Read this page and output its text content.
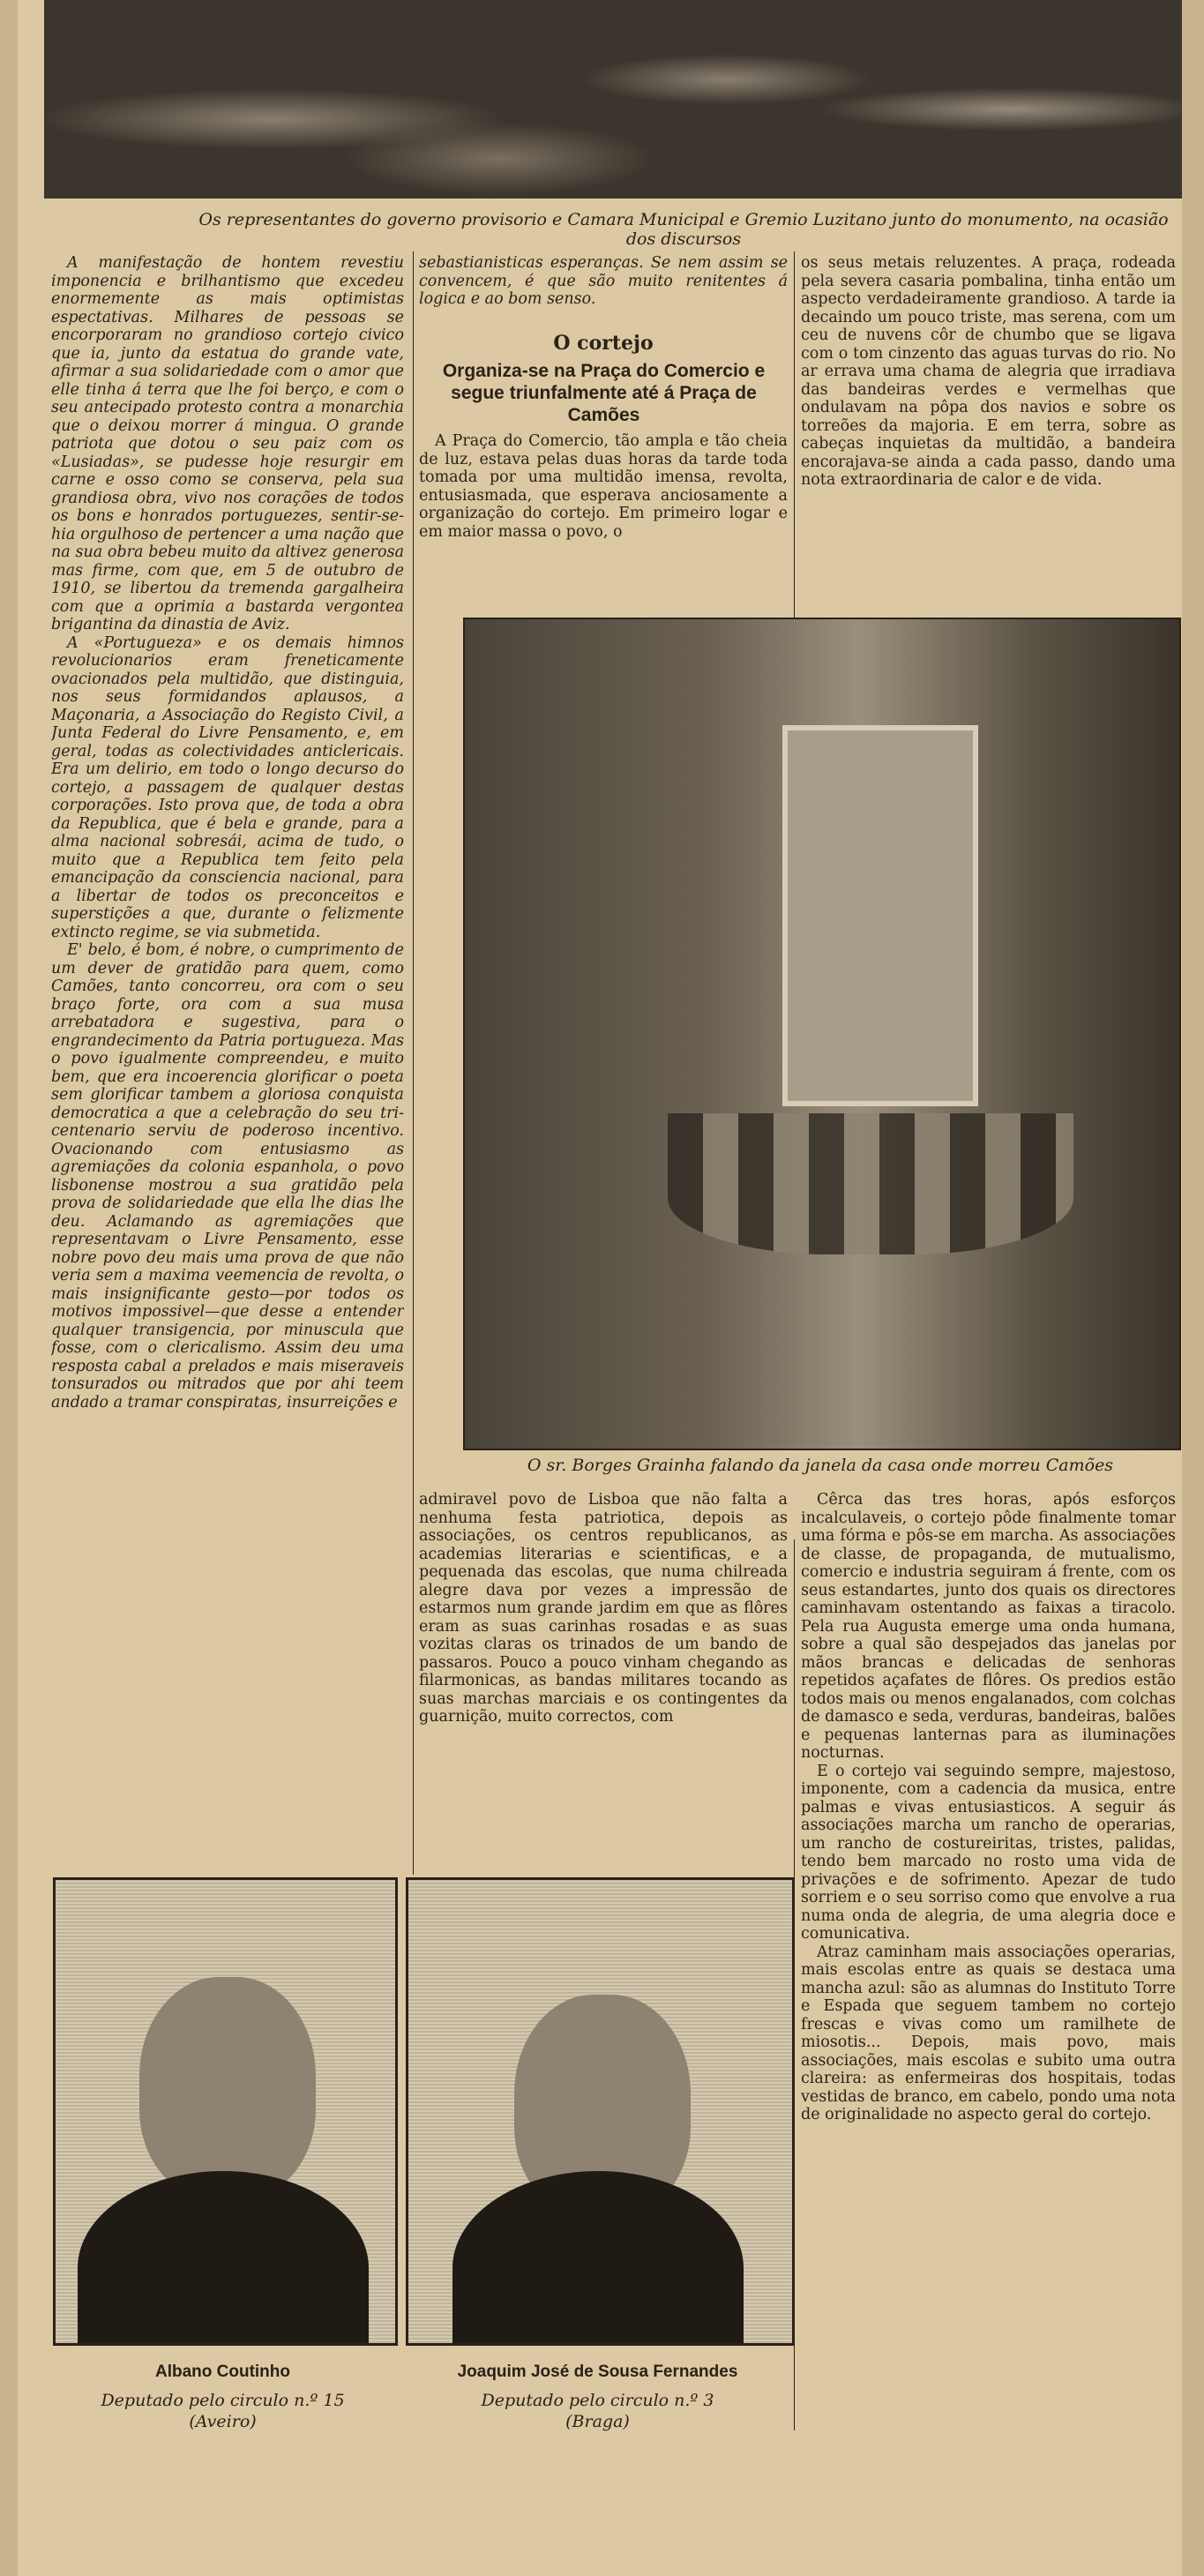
Os representantes do governo provisorio e Camara Municipal e Gremio Luzitano junto do monumento, na ocasião dos discursos

A manifestação de hontem revestiu imponencia e brilhantismo que excedeu enormemente as mais optimistas espectativas. Milhares de pessoas se encorporaram no grandioso cortejo civico que ia, junto da estatua do grande vate, afirmar a sua solidariedade com o amor que elle tinha á terra que lhe foi berço, e com o seu antecipado protesto contra a monarchia que o deixou morrer á mingua. O grande patriota que dotou o seu paiz com os «Lusiadas», se pudesse hoje resurgir em carne e osso como se conserva, pela sua grandiosa obra, vivo nos corações de todos os bons e honrados portuguezes, sentir-se-hia orgulhoso de pertencer a uma nação que na sua obra bebeu muito da altivez generosa mas firme, com que, em 5 de outubro de 1910, se libertou da tremenda gargalheira com que a oprimia a bastarda vergontea brigantina da dinastia de Aviz.

A «Portugueza» e os demais himnos revolucionarios eram freneticamente ovacionados pela multidão, que distinguia, nos seus formidandos aplausos, a Maçonaria, a Associação do Registo Civil, a Junta Federal do Livre Pensamento, e, em geral, todas as colectividades anticlericais. Era um delirio, em todo o longo decurso do cortejo, a passagem de qualquer destas corporações. Isto prova que, de toda a obra da Republica, que é bela e grande, para a alma nacional sobresái, acima de tudo, o muito que a Republica tem feito pela emancipação da consciencia nacional, para a libertar de todos os preconceitos e superstições a que, durante o felizmente extincto regime, se via submetida.

E' belo, é bom, é nobre, o cumprimento de um dever de gratidão para quem, como Camões, tanto concorreu, ora com o seu braço forte, ora com a sua musa arrebatadora e sugestiva, para o engrandecimento da Patria portugueza. Mas o povo igualmente compreendeu, e muito bem, que era incoerencia glorificar o poeta sem glorificar tambem a gloriosa conquista democratica a que a celebração do seu tri-centenario serviu de poderoso incentivo. Ovacionando com entusiasmo as agremiações da colonia espanhola, o povo lisbonense mostrou a sua gratidão pela prova de solidariedade que ella lhe dias lhe deu. Aclamando as agremiações que representavam o Livre Pensamento, esse nobre povo deu mais uma prova de que não veria sem a maxima veemencia de revolta, o mais insignificante gesto—por todos os motivos impossivel—que desse a entender qualquer transigencia, por minuscula que fosse, com o clericalismo. Assim deu uma resposta cabal a prelados e mais miseraveis tonsurados ou mitrados que por ahi teem andado a tramar conspiratas, insurreições e

sebastianisticas esperanças. Se nem assim se convencem, é que são muito renitentes á logica e ao bom senso.

O cortejo
Organiza-se na Praça do Comercio e segue triunfalmente até á Praça de Camões

A Praça do Comercio, tão ampla e tão cheia de luz, estava pelas duas horas da tarde toda tomada por uma multidão imensa, revolta, entusiasmada, que esperava anciosamente a organização do cortejo. Em primeiro logar e em maior massa o povo, o

os seus metais reluzentes. A praça, rodeada pela severa casaria pombalina, tinha então um aspecto verdadeiramente grandioso. A tarde ia decaindo um pouco triste, mas serena, com um ceu de nuvens côr de chumbo que se ligava com o tom cinzento das aguas turvas do rio. No ar errava uma chama de alegria que irradiava das bandeiras verdes e vermelhas que ondulavam na pôpa dos navios e sobre os torreões da majoria. E em terra, sobre as cabeças inquietas da multidão, a bandeira encorajava-se ainda a cada passo, dando uma nota extraordinaria de calor e de vida.

O sr. Borges Grainha falando da janela da casa onde morreu Camões

admiravel povo de Lisboa que não falta a nenhuma festa patriotica, depois as associações, os centros republicanos, as academias literarias e scientificas, e a pequenada das escolas, que numa chilreada alegre dava por vezes a impressão de estarmos num grande jardim em que as flôres eram as suas carinhas rosadas e as suas vozitas claras os trinados de um bando de passaros. Pouco a pouco vinham chegando as filarmonicas, as bandas militares tocando as suas marchas marciais e os contingentes da guarnição, muito correctos, com

Cêrca das tres horas, após esforços incalculaveis, o cortejo pôde finalmente tomar uma fórma e pôs-se em marcha. As associações de classe, de propaganda, de mutualismo, comercio e industria seguiram á frente, com os seus estandartes, junto dos quais os directores caminhavam ostentando as faixas a tiracolo. Pela rua Augusta emerge uma onda humana, sobre a qual são despejados das janelas por mãos brancas e delicadas de senhoras repetidos açafates de flôres. Os predios estão todos mais ou menos engalanados, com colchas de damasco e seda, verduras, bandeiras, balões e pequenas lanternas para as iluminações nocturnas.

E o cortejo vai seguindo sempre, majestoso, imponente, com a cadencia da musica, entre palmas e vivas entusiasticos. A seguir ás associações marcha um rancho de operarias, um rancho de costureiritas, tristes, palidas, tendo bem marcado no rosto uma vida de privações e de sofrimento. Apezar de tudo sorriem e o seu sorriso como que envolve a rua numa onda de alegria, de uma alegria doce e comunicativa.

Atraz caminham mais associações operarias, mais escolas entre as quais se destaca uma mancha azul: são as alumnas do Instituto Torre e Espada que seguem tambem no cortejo frescas e vivas como um ramilhete de miosotis... Depois, mais povo, mais associações, mais escolas e subito uma outra clareira: as enfermeiras dos hospitais, todas vestidas de branco, em cabelo, pondo uma nota de originalidade no aspecto geral do cortejo.

Albano Coutinho
Deputado pelo circulo n.º 15
(Aveiro)
Joaquim José de Sousa Fernandes
Deputado pelo circulo n.º 3
(Braga)
